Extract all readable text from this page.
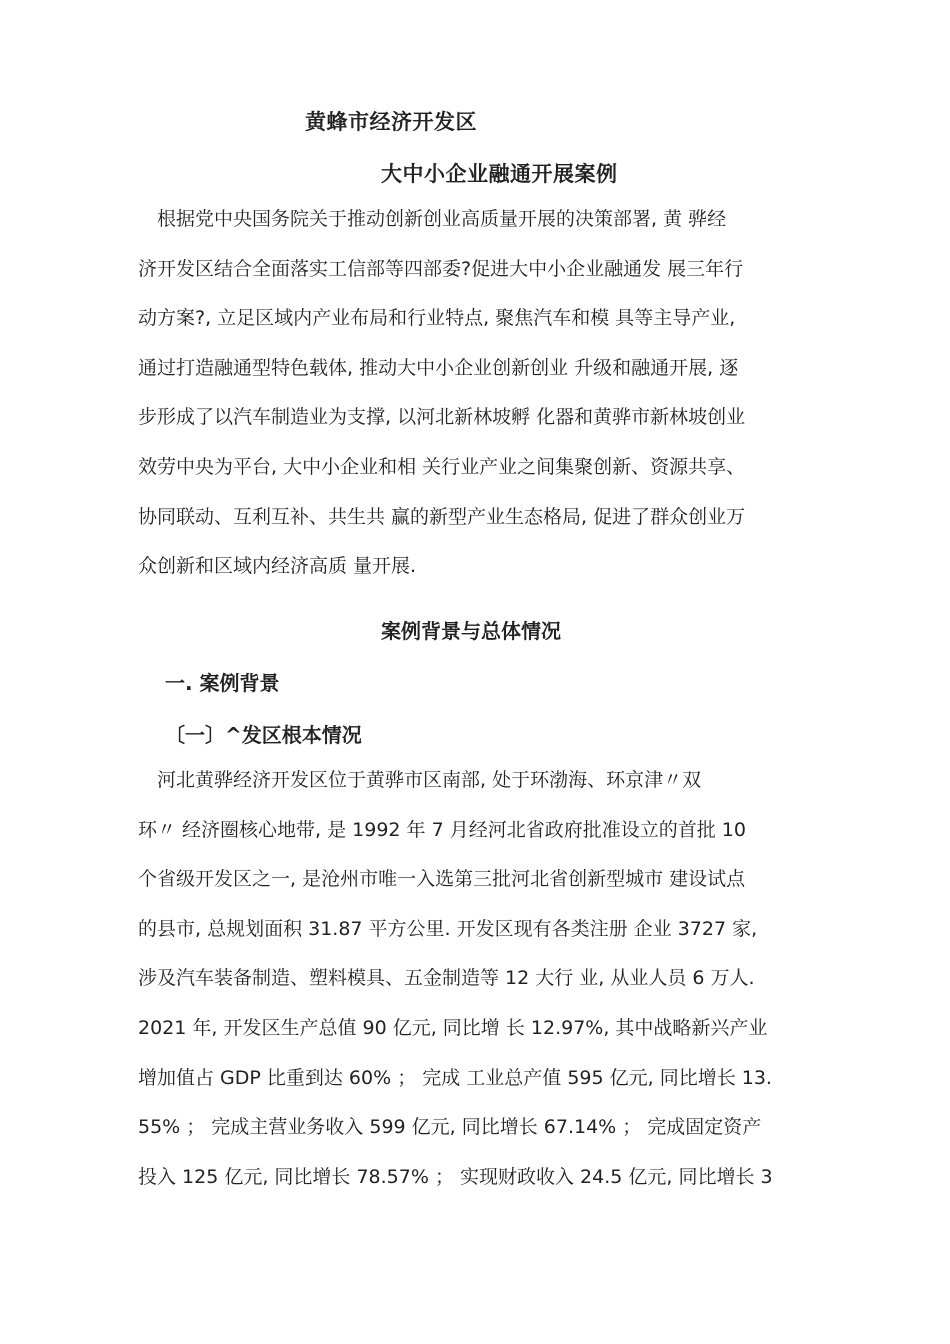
黄蜂市经济开发区
大中小企业融通开展案例
　根据党中央国务院关于推动创新创业高质量开展的决策部署, 黄 骅经
济开发区结合全面落实工信部等四部委?促进大中小企业融通发 展三年行
动方案?, 立足区域内产业布局和行业特点, 聚焦汽车和模 具等主导产业,
通过打造融通型特色载体, 推动大中小企业创新创业 升级和融通开展, 逐
步形成了以汽车制造业为支撑, 以河北新林坡孵 化器和黄骅市新林坡创业
效劳中央为平台, 大中小企业和相 关行业产业之间集聚创新、资源共享、
协同联动、互利互补、共生共 赢的新型产业生态格局, 促进了群众创业万
众创新和区域内经济高质 量开展.
案例背景与总体情况
一. 案例背景
〔一〕^发区根本情况
　河北黄骅经济开发区位于黄骅市区南部, 处于环渤海、环京津〃双
环〃 经济圈核心地带, 是 1992 年 7 月经河北省政府批准设立的首批 10
个省级开发区之一, 是沧州市唯一入选第三批河北省创新型城市 建设试点
的县市, 总规划面积 31.87 平方公里. 开发区现有各类注册 企业 3727 家,
涉及汽车装备制造、塑料模具、五金制造等 12 大行 业, 从业人员 6 万人.
2021 年, 开发区生产总值 90 亿元, 同比增 长 12.97%, 其中战略新兴产业
增加值占 GDP 比重到达 60% ； 完成 工业总产值 595 亿元, 同比增长 13.
55% ； 完成主营业务收入 599 亿元, 同比增长 67.14% ； 完成固定资产
投入 125 亿元, 同比增长 78.57% ； 实现财政收入 24.5 亿元, 同比增长 3
